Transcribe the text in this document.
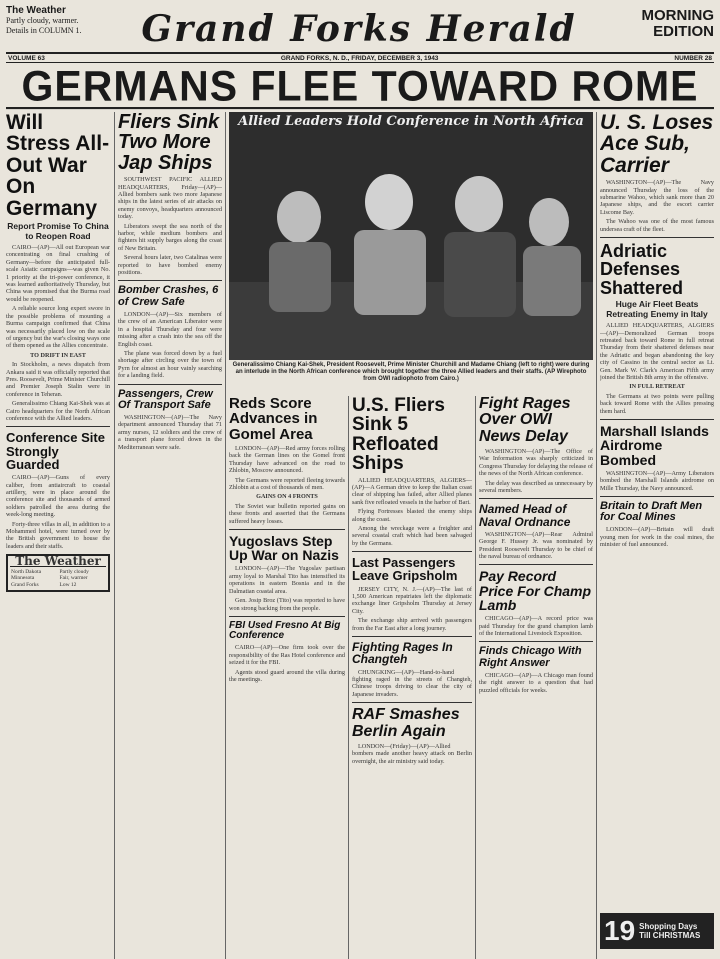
The Weather
Partly cloudy, warmer.
Details in COLUMN 1.	Grand Forks Herald	MORNING
EDITION
VOLUME 63	GRAND FORKS, N. D., FRIDAY, DECEMBER 3, 1943	NUMBER 28
GERMANS FLEE TOWARD ROME
Will Stress All-Out War On Germany
Report Promise To China to Reopen Road

CAIRO—(AP)—All out European war concentrating on final crushing of Germany—before the anticipated full-scale Asiatic campaigns—was given No. 1 priority at the tri-power conference, it was learned authoritatively Thursday, but China was promised that the Burma road would be reopened.

A reliable source long expert swore in the possible problems of mounting a Burma campaign confirmed that China was necessarily placed low on the scale of urgency but the war's closing ways one of them opened as the Allies concentrate.

TO DRIFT IN EAST

In Stockholm, a news dispatch from Ankara said it was officially reported that Pres. Roosevelt, Prime Minister Churchill and Premier Joseph Stalin were in conference in Teheran.

Generalissimo Chiang Kai-Shek was at Cairo headquarters for the North African conference with the Allied leaders.

Conference Site Strongly Guarded

CAIRO—(AP)—Guns of every caliber, from antiaircraft to coastal artillery, were in place around the conference site and thousands of armed soldiers patrolled the area during the week-long meeting.

Forty-three villas in all, in addition to a Mohammed hotel, were turned over by the British government to house the leaders and their staffs.

The Weather
North Dakota	Partly cloudy
Minnesota	Fair, warmer
Grand Forks	Low 12
Fliers Sink Two More Jap Ships

SOUTHWEST PACIFIC ALLIED HEADQUARTERS, Friday—(AP)—Allied bombers sank two more Japanese ships in the latest series of air attacks on enemy convoys, headquarters announced today.

Liberators swept the sea north of the harbor, while medium bombers and fighters hit supply barges along the coast of New Britain.

Several hours later, two Catalinas were reported to have bombed enemy positions.

Bomber Crashes, 6 of Crew Safe

LONDON—(AP)—Six members of the crew of an American Liberator were in a hospital Thursday and four were missing after a crash into the sea off the English coast.

The plane was forced down by a fuel shortage after circling over the town of Pyrn for almost an hour vainly searching for a landing field.

Passengers, Crew Of Transport Safe

WASHINGTON—(AP)—The Navy department announced Thursday that 71 army nurses, 12 soldiers and the crew of a transport plane forced down in the Mediterranean were safe.

Allied Leaders Hold Conference in North Africa
Generalissimo Chiang Kai-Shek, President Roosevelt, Prime Minister Churchill and Madame Chiang (left to right) were during an interlude in the North African conference which brought together the three Allied leaders and their staffs. (AP Wirephoto from OWI radiophoto from Cairo.)
Reds Score Advances in Gomel Area

LONDON—(AP)—Red army forces rolling back the German lines on the Gomel front Thursday have advanced on the road to Zhlobin, Moscow announced.

The Germans were reported fleeing towards Zhlobin at a cost of thousands of men.

GAINS ON 4 FRONTS

The Soviet war bulletin reported gains on these fronts and asserted that the Germans suffered heavy losses.

Yugoslavs Step Up War on Nazis

LONDON—(AP)—The Yugoslav partisan army loyal to Marshal Tito has intensified its operations in eastern Bosnia and in the Dalmatian coastal area.

Gen. Josip Broz (Tito) was reported to have won strong backing from the people.

FBI Used Fresno At Big Conference

CAIRO—(AP)—One firm took over the responsibility of the Ras Hotel conference and seized it for the FBI.

Agents stood guard around the villa during the meetings.

U.S. Fliers Sink 5 Refloated Ships

ALLIED HEADQUARTERS, ALGIERS—(AP)—A German drive to keep the Italian coast clear of shipping has failed, after Allied planes sank five refloated vessels in the harbor of Bari.

Flying Fortresses blasted the enemy ships along the coast.

Among the wreckage were a freighter and several coastal craft which had been salvaged by the Germans.

Last Passengers Leave Gripsholm

JERSEY CITY, N. J.—(AP)—The last of 1,500 American repatriates left the diplomatic exchange liner Gripsholm Thursday at Jersey City.

The exchange ship arrived with passengers from the Far East after a long journey.

Fighting Rages In Changteh

CHUNGKING—(AP)—Hand-to-hand fighting raged in the streets of Changteh, Chinese troops driving to clear the city of Japanese invaders.

RAF Smashes Berlin Again

LONDON—(Friday)—(AP)—Allied bombers made another heavy attack on Berlin overnight, the air ministry said today.

Fight Rages Over OWI News Delay

WASHINGTON—(AP)—The Office of War Information was sharply criticized in Congress Thursday for delaying the release of the news of the North African conference.

The delay was described as unnecessary by several members.

Named Head of Naval Ordnance

WASHINGTON—(AP)—Rear Admiral George F. Hussey Jr. was nominated by President Roosevelt Thursday to be chief of the naval bureau of ordnance.

Pay Record Price For Champ Lamb

CHICAGO—(AP)—A record price was paid Thursday for the grand champion lamb of the International Livestock Exposition.

Finds Chicago With Right Answer

CHICAGO—(AP)—A Chicago man found the right answer to a question that had puzzled officials for weeks.

U. S. Loses Ace Sub, Carrier

WASHINGTON—(AP)—The Navy announced Thursday the loss of the submarine Wahoo, which sank more than 20 Japanese ships, and the escort carrier Liscome Bay.

The Wahoo was one of the most famous undersea craft of the fleet.

Adriatic Defenses Shattered
Huge Air Fleet Beats Retreating Enemy in Italy

ALLIED HEADQUARTERS, ALGIERS—(AP)—Demoralized German troops retreated back toward Rome in full retreat Thursday from their shattered defenses near the Adriatic and began abandoning the key city of Cassino in the central sector as Lt. Gen. Mark W. Clark's American Fifth army joined the British 8th army in the offensive.

IN FULL RETREAT

The Germans at two points were pulling back toward Rome with the Allies pressing them hard.

Marshall Islands Airdrome Bombed

WASHINGTON—(AP)—Army Liberators bombed the Marshall Islands airdrome on Mille Thursday, the Navy announced.

Britain to Draft Men for Coal Mines

LONDON—(AP)—Britain will draft young men for work in the coal mines, the minister of fuel announced.

19 Shopping Days
Till CHRISTMAS
